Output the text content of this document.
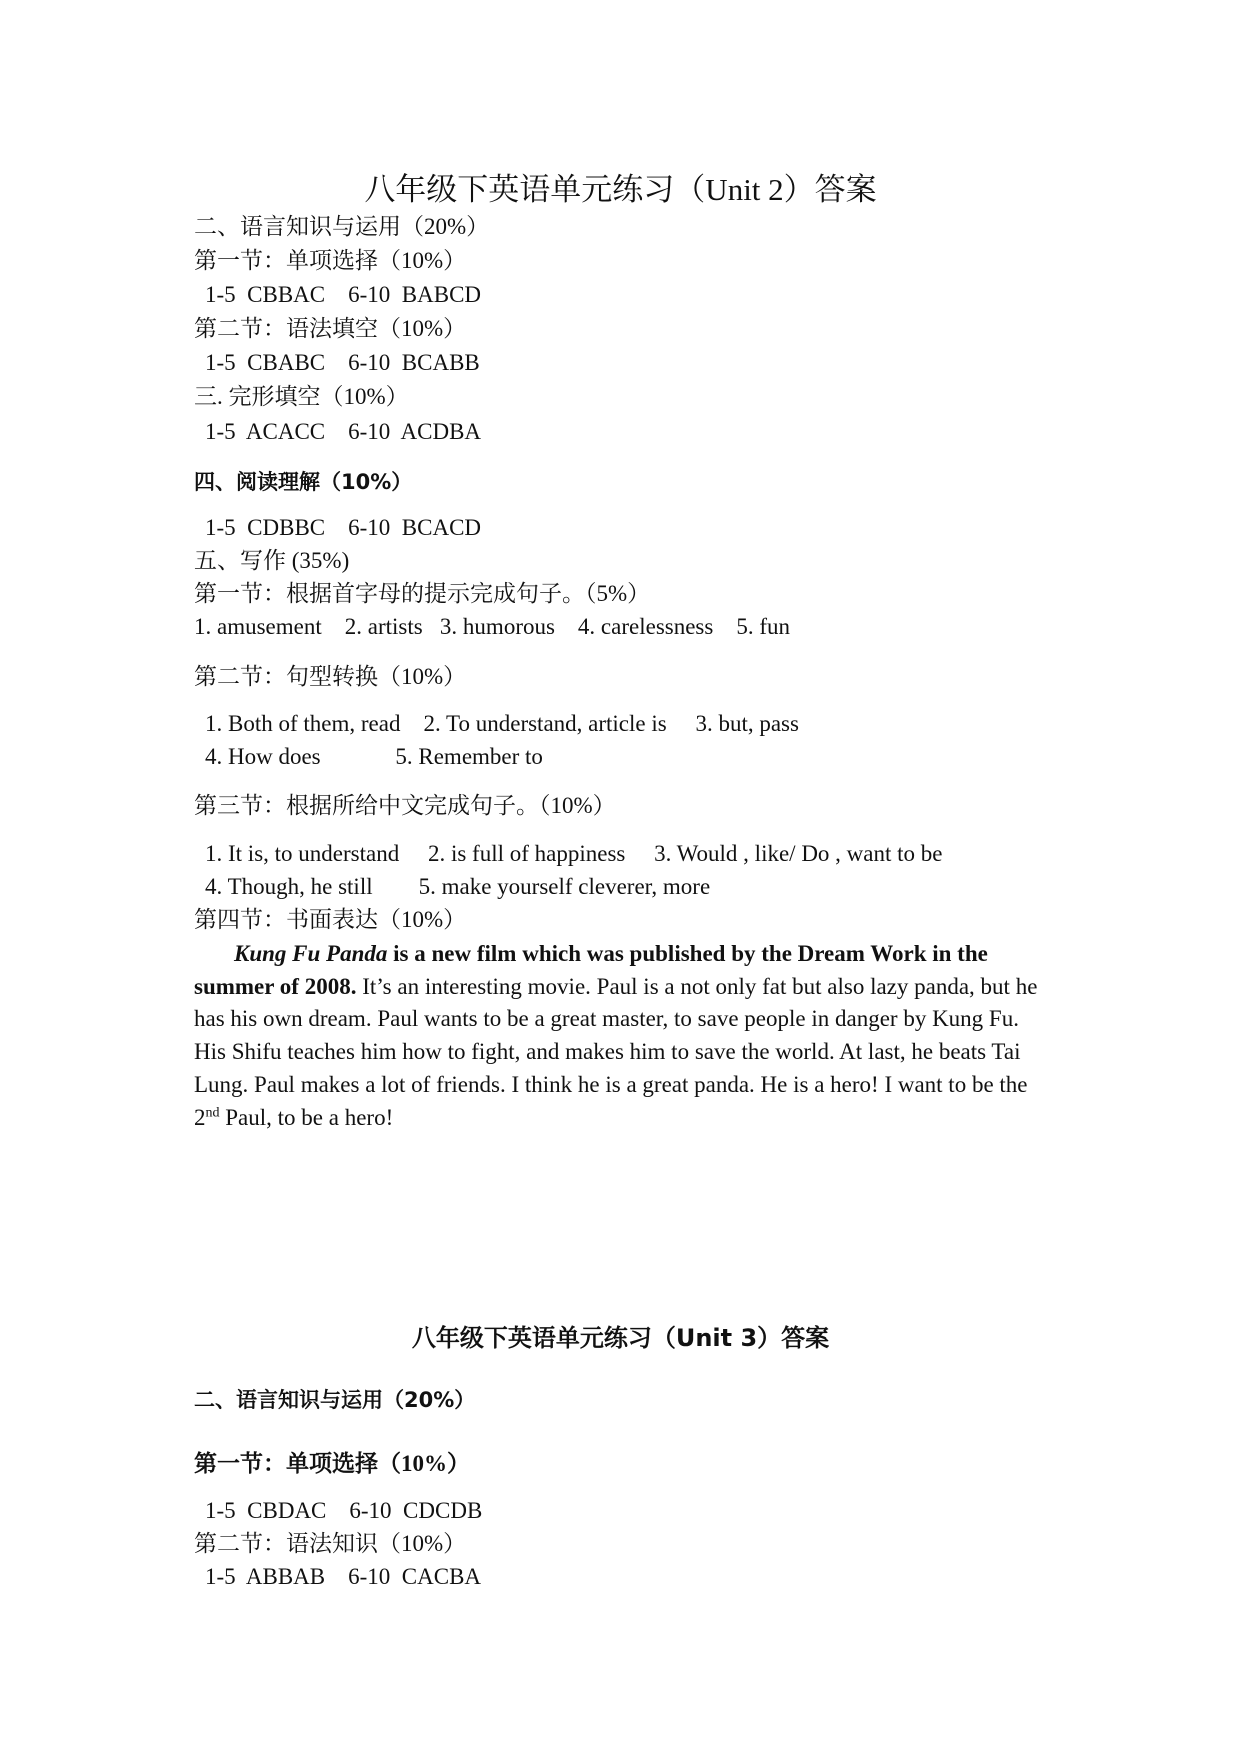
八年级下英语单元练习（Unit 2）答案
二、语言知识与运用（20%）
第一节：单项选择（10%）
1-5  CBBAC    6-10  BABCD
第二节：语法填空（10%）
1-5  CBABC    6-10  BCABB
三. 完形填空（10%）
1-5  ACACC    6-10  ACDBA
四、阅读理解（10%）
1-5  CDBBC    6-10  BCACD
五、写作 (35%)
第一节：根据首字母的提示完成句子。（5%）
1. amusement    2. artists   3. humorous    4. carelessness    5. fun
第二节：句型转换（10%）
1. Both of them, read    2. To understand, article is     3. but, pass
4. How does             5. Remember to
第三节：根据所给中文完成句子。（10%）
1. It is, to understand     2. is full of happiness     3. Would , like/ Do , want to be
4. Though, he still        5. make yourself cleverer, more
第四节：书面表达（10%）

Kung Fu Panda is a new film which was published by the Dream Work in the summer of 2008. It’s an interesting movie. Paul is a not only fat but also lazy panda, but he has his own dream. Paul wants to be a great master, to save people in danger by Kung Fu. His Shifu teaches him how to fight, and makes him to save the world. At last, he beats Tai Lung. Paul makes a lot of friends. I think he is a great panda. He is a hero! I want to be the 2nd Paul, to be a hero!

八年级下英语单元练习（Unit 3）答案
二、语言知识与运用（20%）
第一节：单项选择（10%）
1-5  CBDAC    6-10  CDCDB
第二节：语法知识（10%）
1-5  ABBAB    6-10  CACBA
